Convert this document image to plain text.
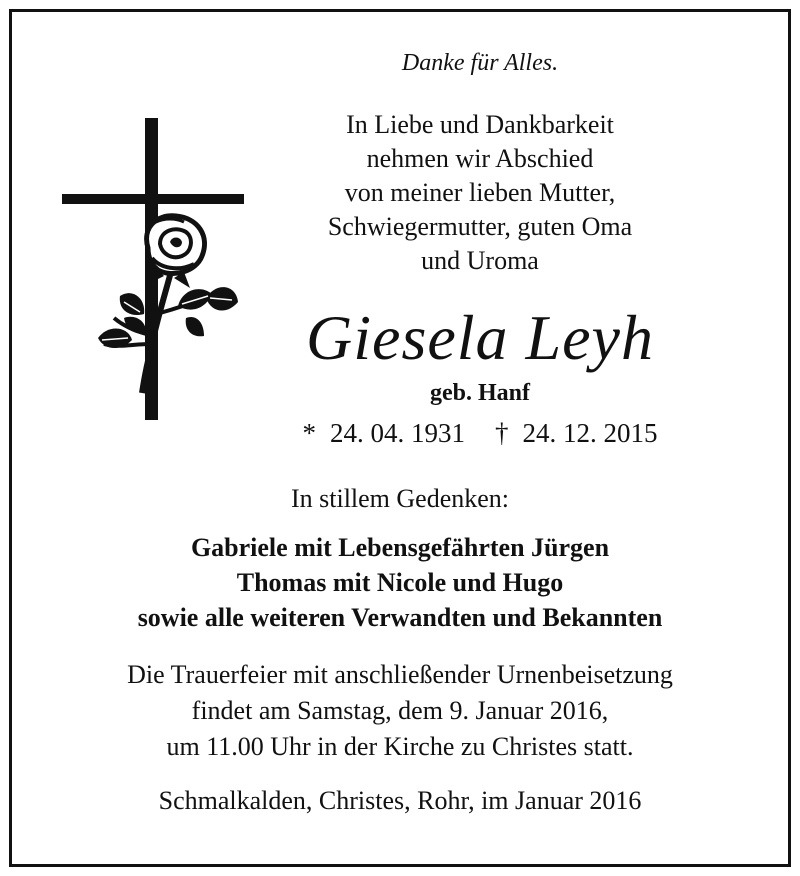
Danke für Alles.
In Liebe und Dankbarkeit
nehmen wir Abschied
von meiner lieben Mutter,
Schwiegermutter, guten Oma
und Uroma
Giesela Leyh
geb. Hanf
* 24. 04. 1931 † 24. 12. 2015
In stillem Gedenken:
Gabriele mit Lebensgefährten Jürgen
Thomas mit Nicole und Hugo
sowie alle weiteren Verwandten und Bekannten
Die Trauerfeier mit anschließender Urnenbeisetzung
findet am Samstag, dem 9. Januar 2016,
um 11.00 Uhr in der Kirche zu Christes statt.
Schmalkalden, Christes, Rohr, im Januar 2016
